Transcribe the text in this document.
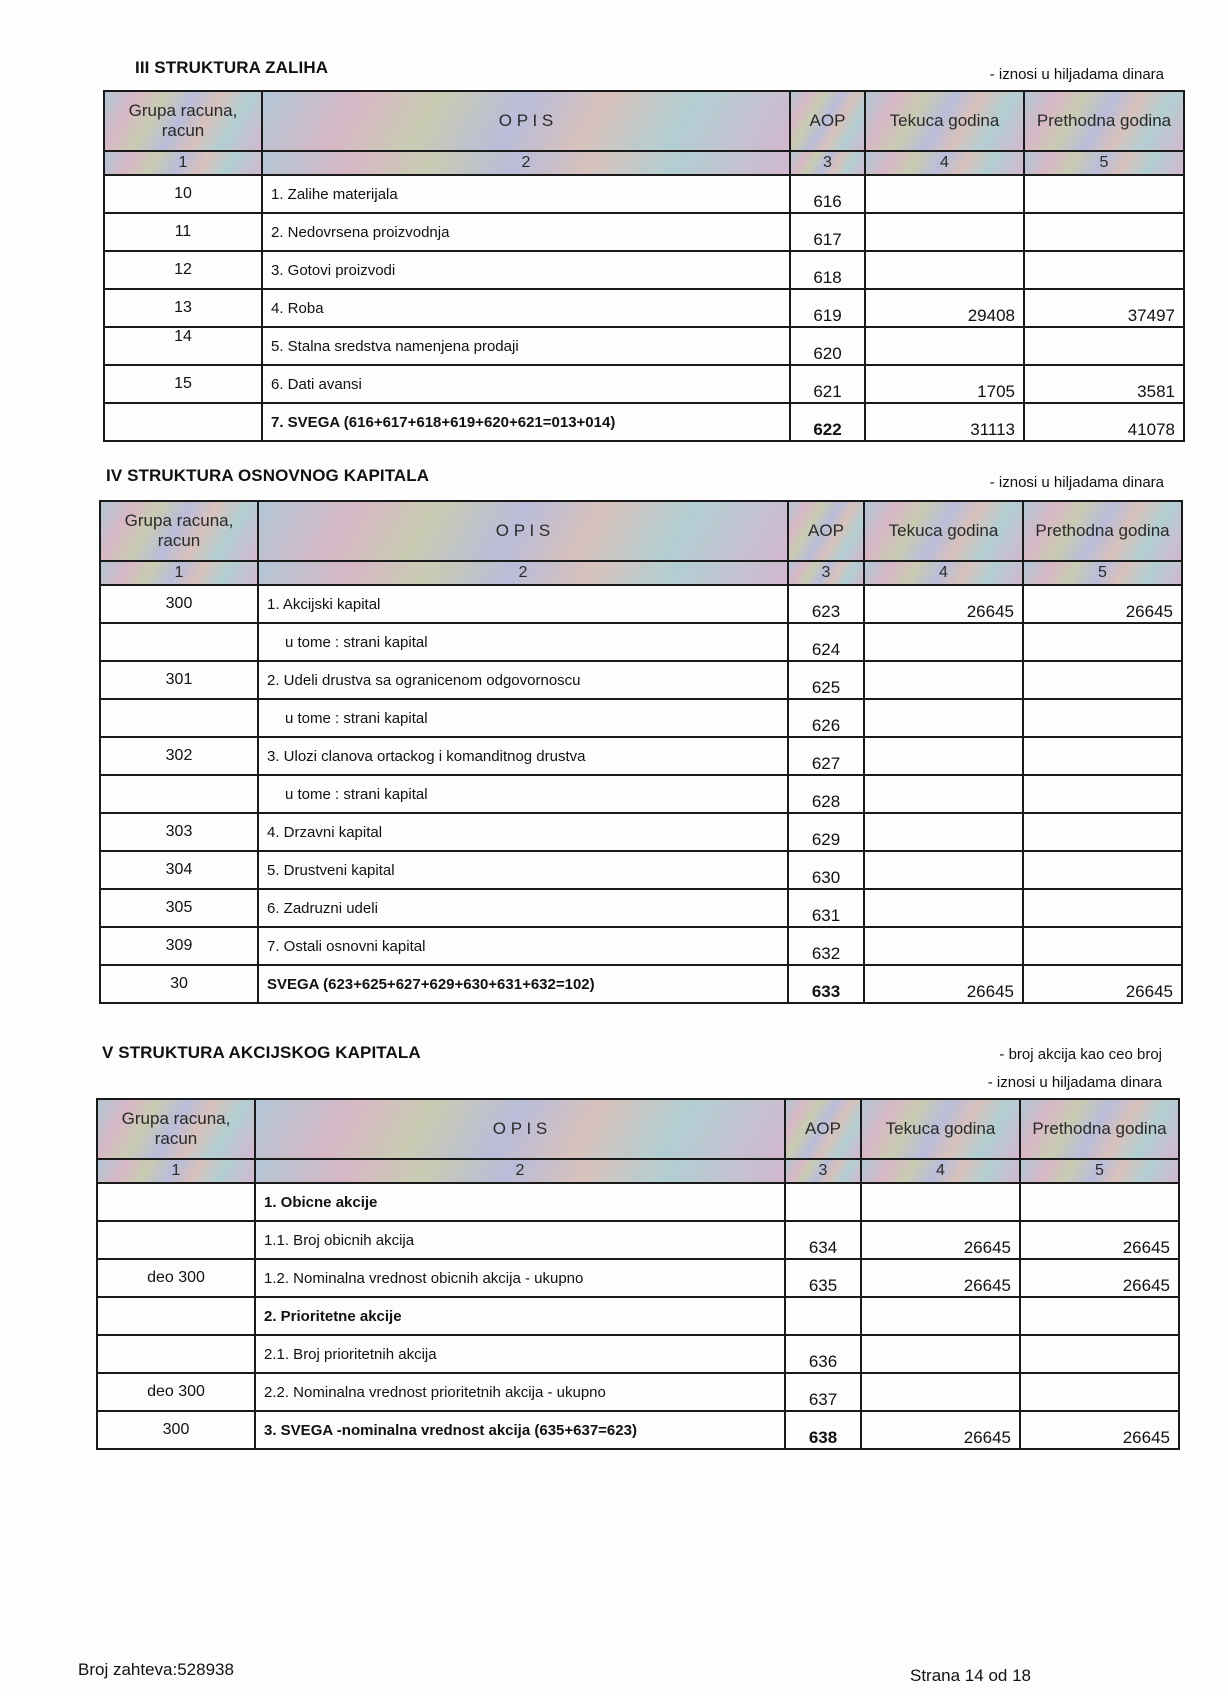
III STRUKTURA ZALIHA	- iznosi u hiljadama dinara
Grupa racuna, racun	O P I S	AOP	Tekuca godina	Prethodna godina
1	2	3	4	5
10	1. Zalihe materijala	616		
11	2. Nedovrsena proizvodnja	617		
12	3. Gotovi proizvodi	618		
13	4. Roba	619	29408	37497
14	5. Stalna sredstva namenjena prodaji	620		
15	6. Dati avansi	621	1705	3581
	7. SVEGA (616+617+618+619+620+621=013+014)	622	31113	41078
IV STRUKTURA OSNOVNOG KAPITALA	- iznosi u hiljadama dinara
Grupa racuna, racun	O P I S	AOP	Tekuca godina	Prethodna godina
1	2	3	4	5
300	1. Akcijski kapital	623	26645	26645
	u tome : strani kapital	624		
301	2. Udeli drustva sa ogranicenom odgovornoscu	625		
	u tome : strani kapital	626		
302	3. Ulozi clanova ortackog i komanditnog drustva	627		
	u tome : strani kapital	628		
303	4. Drzavni kapital	629		
304	5. Drustveni kapital	630		
305	6. Zadruzni udeli	631		
309	7. Ostali osnovni kapital	632		
30	SVEGA (623+625+627+629+630+631+632=102)	633	26645	26645
V STRUKTURA AKCIJSKOG KAPITALA	- broj akcija kao ceo broj
- iznosi u hiljadama dinara
Grupa racuna, racun	O P I S	AOP	Tekuca godina	Prethodna godina
1	2	3	4	5
	1. Obicne akcije			
	1.1. Broj obicnih akcija	634	26645	26645
deo 300	1.2. Nominalna vrednost obicnih akcija - ukupno	635	26645	26645
	2. Prioritetne akcije			
	2.1. Broj prioritetnih akcija	636		
deo 300	2.2. Nominalna vrednost prioritetnih akcija - ukupno	637		
300	3. SVEGA -nominalna vrednost akcija (635+637=623)	638	26645	26645
Broj zahteva:528938	Strana 14 od 18
